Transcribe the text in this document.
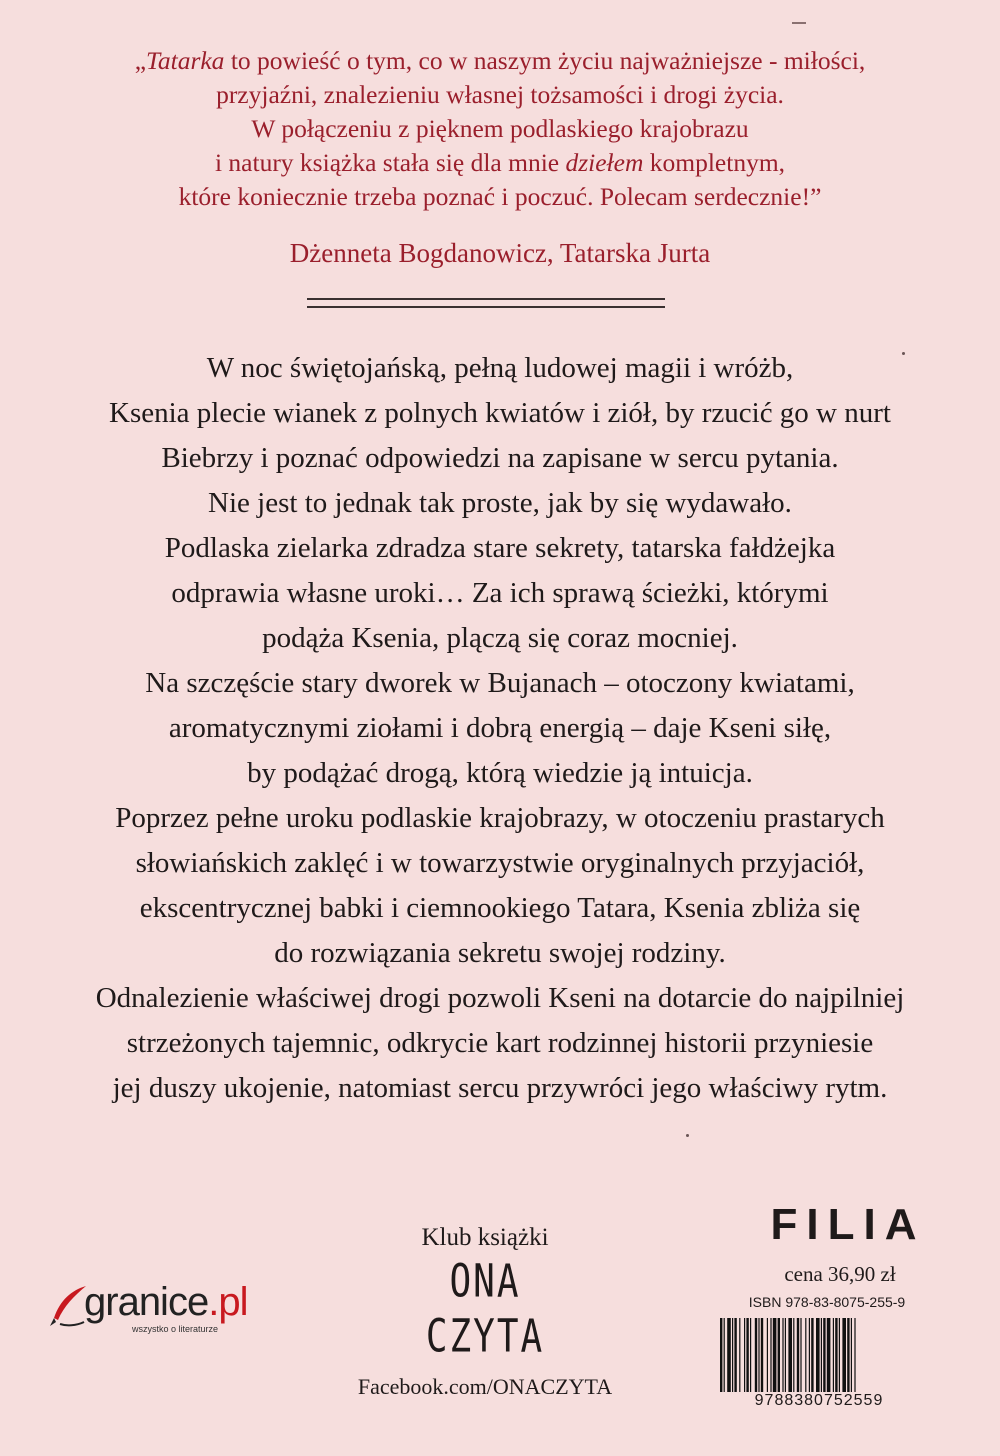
„Tatarka to powieść o tym, co w naszym życiu najważniejsze - miłości,

przyjaźni, znalezieniu własnej tożsamości i drogi życia.

W połączeniu z pięknem podlaskiego krajobrazu

i natury książka stała się dla mnie dziełem kompletnym,

które koniecznie trzeba poznać i poczuć. Polecam serdecznie!”

Dżenneta Bogdanowicz, Tatarska Jurta

W noc świętojańską, pełną ludowej magii i wróżb,

Ksenia plecie wianek z polnych kwiatów i ziół, by rzucić go w nurt

Biebrzy i poznać odpowiedzi na zapisane w sercu pytania.

Nie jest to jednak tak proste, jak by się wydawało.

Podlaska zielarka zdradza stare sekrety, tatarska fałdżejka

odprawia własne uroki… Za ich sprawą ścieżki, którymi

podąża Ksenia, plączą się coraz mocniej.

Na szczęście stary dworek w Bujanach – otoczony kwiatami,

aromatycznymi ziołami i dobrą energią – daje Kseni siłę,

by podążać drogą, którą wiedzie ją intuicja.

Poprzez pełne uroku podlaskie krajobrazy, w otoczeniu prastarych

słowiańskich zaklęć i w towarzystwie oryginalnych przyjaciół,

ekscentrycznej babki i ciemnookiego Tatara, Ksenia zbliża się

do rozwiązania sekretu swojej rodziny.

Odnalezienie właściwej drogi pozwoli Kseni na dotarcie do najpilniej

strzeżonych tajemnic, odkrycie kart rodzinnej historii przyniesie

jej duszy ukojenie, natomiast sercu przywróci jego właściwy rytm.

granice.pl
wszystko o literaturze
Klub książki
ONA
CZYTA
Facebook.com/ONACZYTA
FILIA
cena 36,90 zł
ISBN 978-83-8075-255-9
9788380752559
